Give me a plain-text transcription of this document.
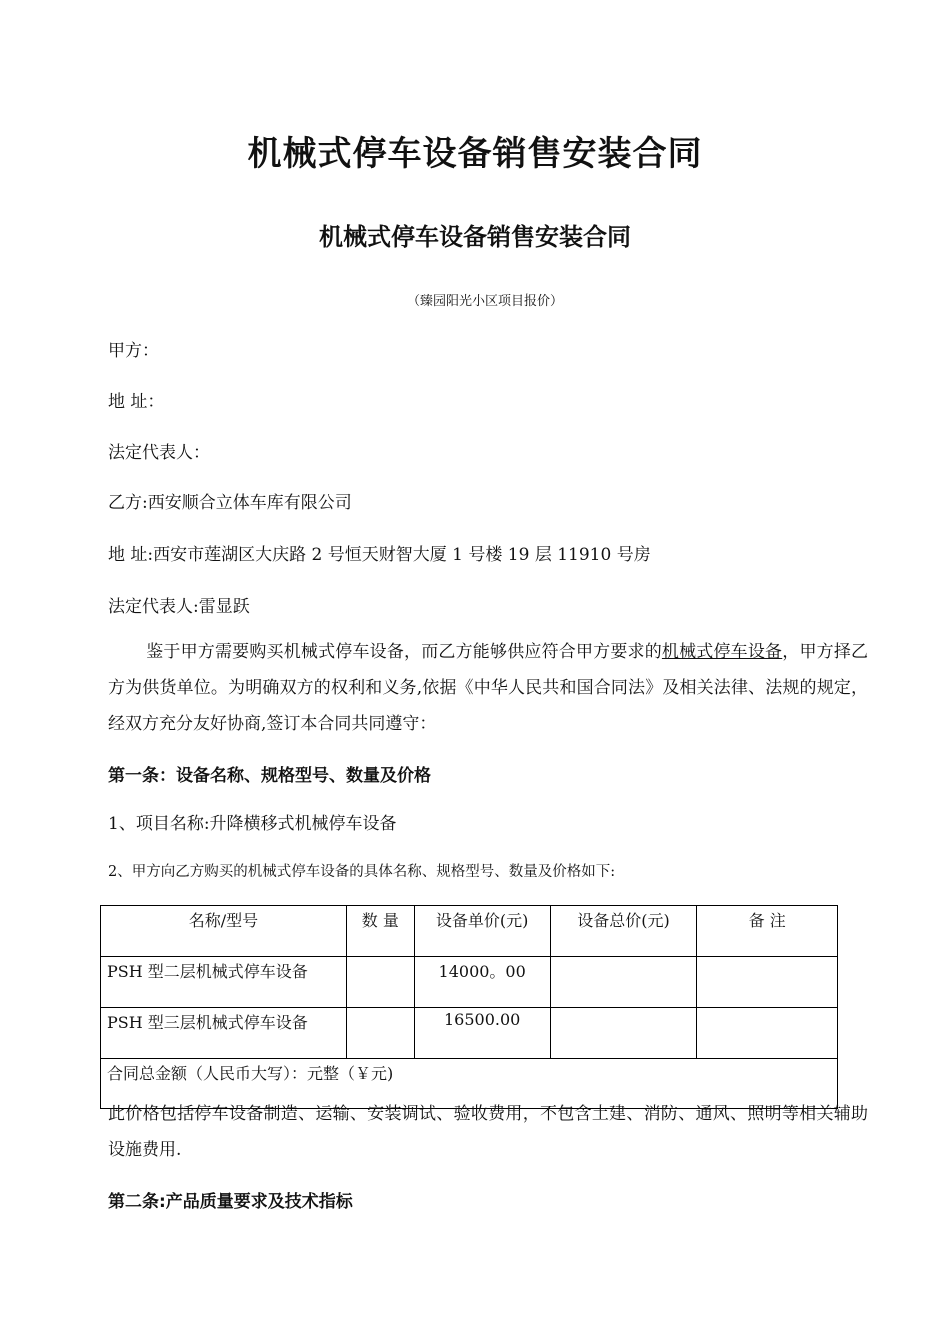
机械式停车设备销售安装合同
机械式停车设备销售安装合同
（臻园阳光小区项目报价）
甲方：
地 址：
法定代表人：
乙方:西安顺合立体车库有限公司
地 址:西安市莲湖区大庆路 2 号恒天财智大厦 1 号楼 19 层 11910 号房
法定代表人:雷显跃
鉴于甲方需要购买机械式停车设备，而乙方能够供应符合甲方要求的机械式停车设备，甲方择乙方为供货单位。为明确双方的权利和义务,依据《中华人民共和国合同法》及相关法律、法规的规定，经双方充分友好协商,签订本合同共同遵守：
第一条：设备名称、规格型号、数量及价格
1、项目名称:升降横移式机械停车设备
2、甲方向乙方购买的机械式停车设备的具体名称、规格型号、数量及价格如下:
名称/型号	数 量	设备单价(元)	设备总价(元)	备 注
PSH 型二层机械式停车设备		14000。00		
PSH 型三层机械式停车设备		16500.00		
合同总金额（人民币大写）：元整（￥元)				
此价格包括停车设备制造、运输、安装调试、验收费用，不包含土建、消防、通风、照明等相关辅助设施费用.
第二条:产品质量要求及技术指标
